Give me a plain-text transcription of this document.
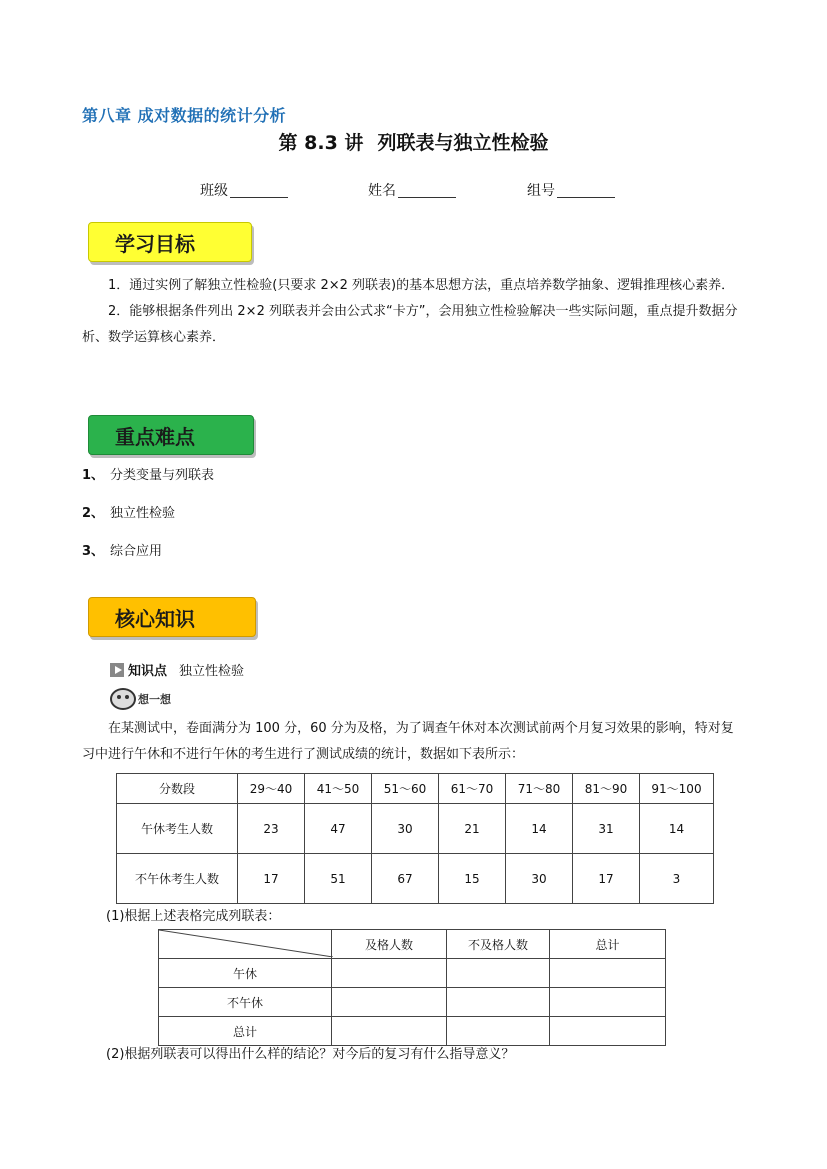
第八章 成对数据的统计分析
第 8.3 讲 列联表与独立性检验
班级	姓名	组号
学习目标

1．通过实例了解独立性检验(只要求 2×2 列联表)的基本思想方法，重点培养数学抽象、逻辑推理核心素养．

2．能够根据条件列出 2×2 列联表并会由公式求“卡方”，会用独立性检验解决一些实际问题，重点提升数据分析、数学运算核心素养．

重点难点
1、 分类变量与列联表
2、 独立性检验
3、 综合应用
核心知识
知识点 独立性检验
想一想

在某测试中，卷面满分为 100 分，60 分为及格，为了调查午休对本次测试前两个月复习效果的影响，特对复习中进行午休和不进行午休的考生进行了测试成绩的统计，数据如下表所示：

分数段	29～40	41～50	51～60	61～70	71～80	81～90	91～100
午休考生人数	23	47	30	21	14	31	14
不午休考生人数	17	51	67	15	30	17	3
(1)根据上述表格完成列联表：
	及格人数	不及格人数	总计
午休			
不午休			
总计			
(2)根据列联表可以得出什么样的结论？对今后的复习有什么指导意义？
